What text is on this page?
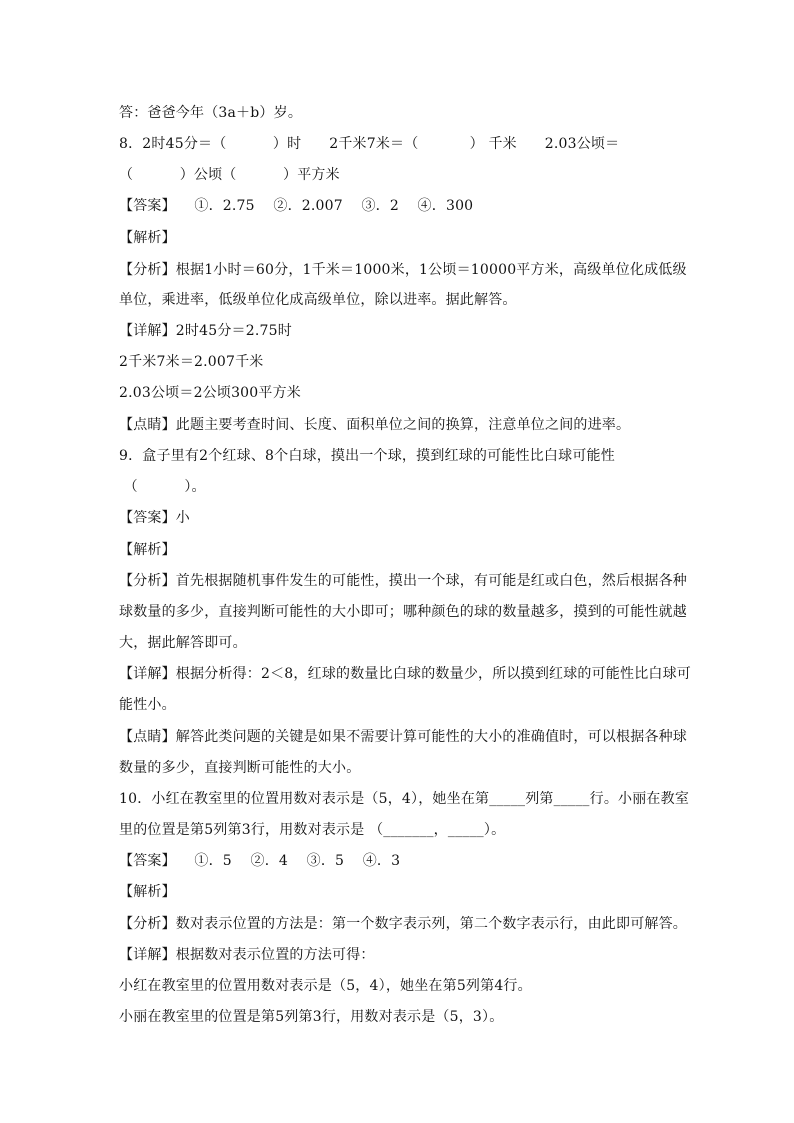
答：爸爸今年（3a＋b）岁。
8．2时45分＝（          ）时      2千米7米＝（           ） 千米      2.03公顷＝
（          ）公顷（          ）平方米
【答案】    ①．2.75    ②．2.007    ③．2    ④．300
【解析】
【分析】根据1小时＝60分，1千米＝1000米，1公顷＝10000平方米，高级单位化成低级
单位，乘进率，低级单位化成高级单位，除以进率。据此解答。
【详解】2时45分＝2.75时
2千米7米＝2.007千米
2.03公顷＝2公顷300平方米
【点睛】此题主要考查时间、长度、面积单位之间的换算，注意单位之间的进率。
9．盒子里有2个红球、8个白球，摸出一个球，摸到红球的可能性比白球可能性
（          ）。
【答案】小
【解析】
【分析】首先根据随机事件发生的可能性，摸出一个球，有可能是红或白色，然后根据各种
球数量的多少，直接判断可能性的大小即可；哪种颜色的球的数量越多，摸到的可能性就越
大，据此解答即可。
【详解】根据分析得：2＜8，红球的数量比白球的数量少，所以摸到红球的可能性比白球可
能性小。
【点睛】解答此类问题的关键是如果不需要计算可能性的大小的准确值时，可以根据各种球
数量的多少，直接判断可能性的大小。
10．小红在教室里的位置用数对表示是（5，4），她坐在第_____列第_____行。小丽在教室
里的位置是第5列第3行，用数对表示是 （_______，_____）。
【答案】    ①．5    ②．4    ③．5    ④．3
【解析】
【分析】数对表示位置的方法是：第一个数字表示列，第二个数字表示行，由此即可解答。
【详解】根据数对表示位置的方法可得：
小红在教室里的位置用数对表示是（5，4），她坐在第5列第4行。
小丽在教室里的位置是第5列第3行，用数对表示是（5，3）。
